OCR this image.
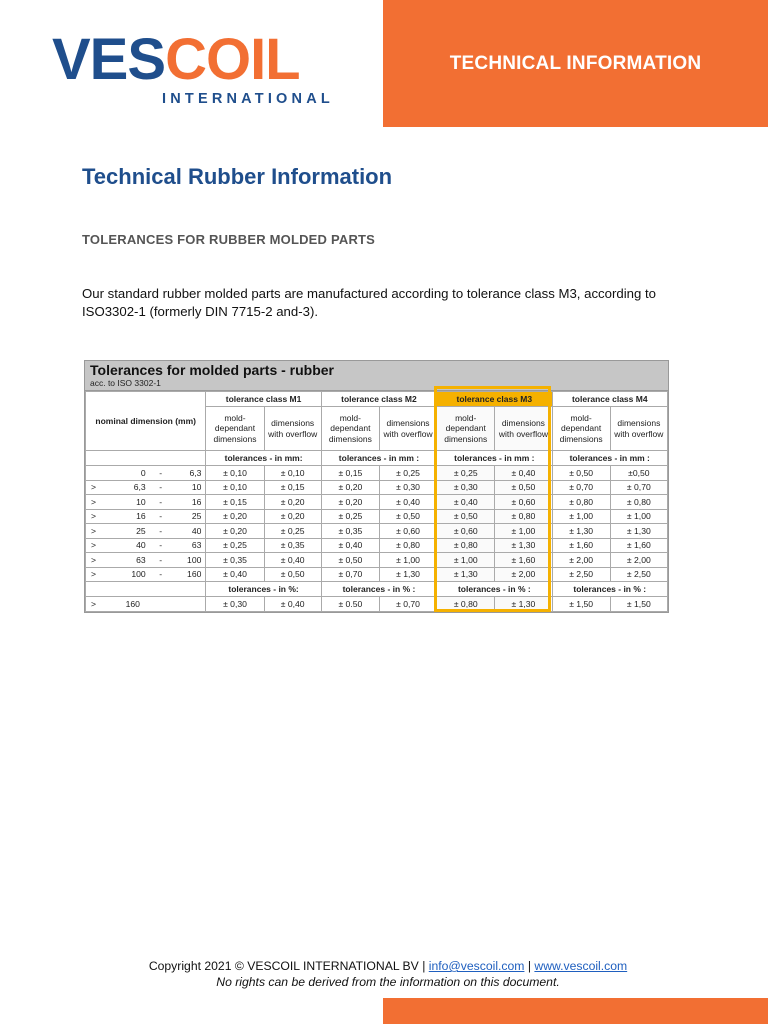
VESCOIL
INTERNATIONAL
TECHNICAL INFORMATION
Technical Rubber Information
TOLERANCES FOR RUBBER MOLDED PARTS

Our standard rubber molded parts are manufactured according to tolerance class M3, according to ISO3302-1 (formerly DIN 7715-2 and-3).

Tolerances for molded parts - rubber
acc. to ISO 3302-1
nominal dimension (mm)				tolerance class M1		tolerance class M2		tolerance class M3		tolerance class M4	
				mold-dependant dimensions	dimensions with overflow	mold-dependant dimensions	dimensions with overflow	mold-dependant dimensions	dimensions with overflow	mold-dependant dimensions	dimensions with overflow
				tolerances - in mm:		tolerances - in mm :		tolerances - in mm :		tolerances - in mm :	
	0	-	6,3	± 0,10	± 0,10	± 0,15	± 0,25	± 0,25	± 0,40	± 0,50	±0,50
>	6,3	-	10	± 0,10	± 0,15	± 0,20	± 0,30	± 0,30	± 0,50	± 0,70	± 0,70
>	10	-	16	± 0,15	± 0,20	± 0,20	± 0,40	± 0,40	± 0,60	± 0,80	± 0,80
>	16	-	25	± 0,20	± 0,20	± 0,25	± 0,50	± 0,50	± 0,80	± 1,00	± 1,00
>	25	-	40	± 0,20	± 0,25	± 0,35	± 0,60	± 0,60	± 1,00	± 1,30	± 1,30
>	40	-	63	± 0,25	± 0,35	± 0,40	± 0,80	± 0,80	± 1,30	± 1,60	± 1,60
>	63	-	100	± 0,35	± 0,40	± 0,50	± 1,00	± 1,00	± 1,60	± 2,00	± 2,00
>	100	-	160	± 0,40	± 0,50	± 0,70	± 1,30	± 1,30	± 2,00	± 2,50	± 2,50
				tolerances - in %:		tolerances - in % :		tolerances - in % :		tolerances - in % :	
>	160			± 0,30	± 0,40	± 0.50	± 0,70	± 0,80	± 1,30	± 1,50	± 1,50
Copyright 2021 © VESCOIL INTERNATIONAL BV | info@vescoil.com | www.vescoil.com
No rights can be derived from the information on this document.
